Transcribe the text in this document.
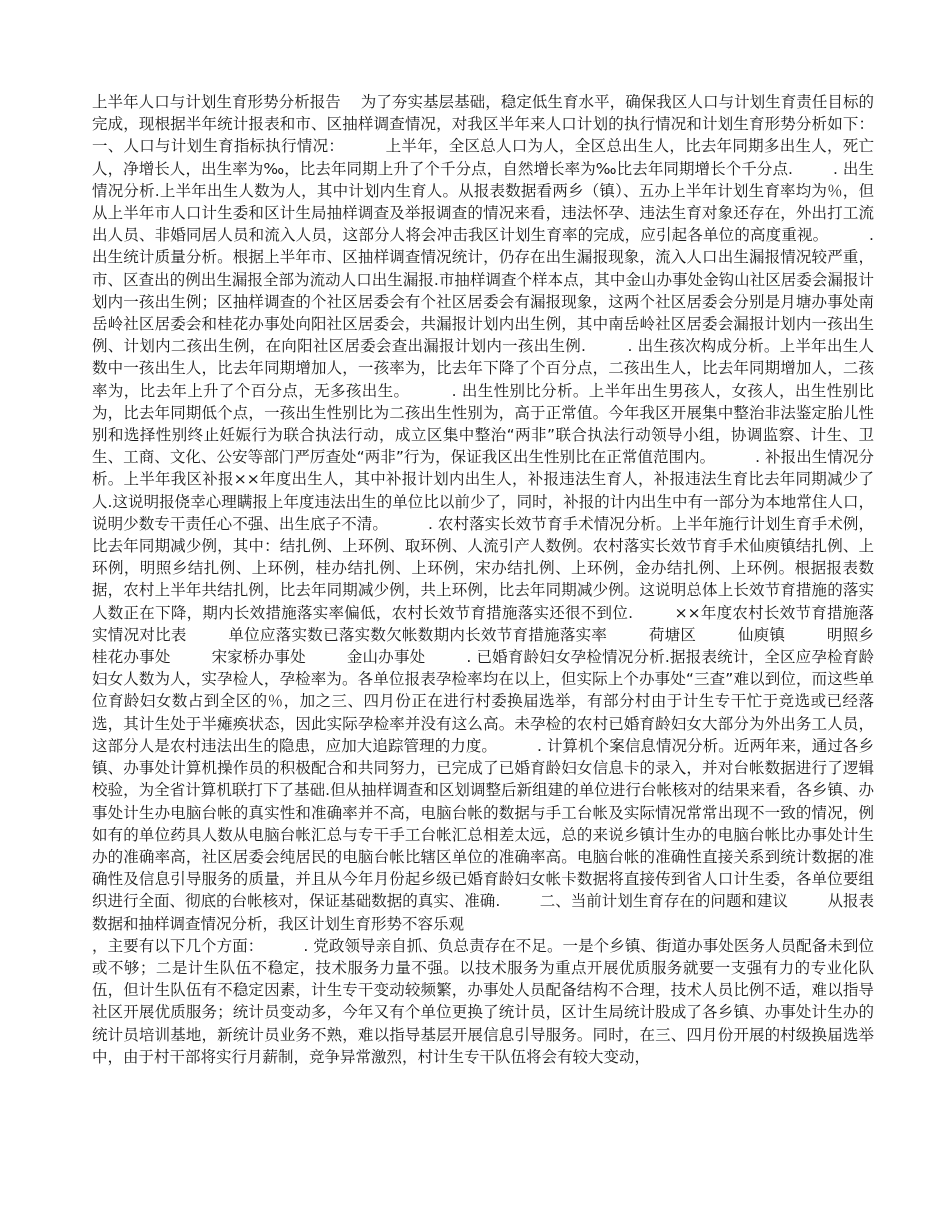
上半年人口与计划生育形势分析报告    为了夯实基层基础，稳定低生育水平，确保我区人口与计划生育责任目标的完成，现根据半年统计报表和市、区抽样调查情况，对我区半年来人口计划的执行情况和计划生育形势分析如下：        一、人口与计划生育指标执行情况：        上半年，全区总人口为人，全区总出生人，比去年同期多出生人，死亡人，净增长人，出生率为‰，比去年同期上升了个千分点，自然增长率为‰比去年同期增长个千分点.        . 出生情况分析.上半年出生人数为人，其中计划内生育人。从报表数据看两乡（镇）、五办上半年计划生育率均为％，但从上半年市人口计生委和区计生局抽样调查及举报调查的情况来看，违法怀孕、违法生育对象还存在，外出打工流出人员、非婚同居人员和流入人员，这部分人将会冲击我区计划生育率的完成，应引起各单位的高度重视。        . 出生统计质量分析。根据上半年市、区抽样调查情况统计，仍存在出生漏报现象，流入人口出生漏报情况较严重，市、区查出的例出生漏报全部为流动人口出生漏报.市抽样调查个样本点，其中金山办事处金钩山社区居委会漏报计划内一孩出生例；区抽样调查的个社区居委会有个社区居委会有漏报现象，这两个社区居委会分别是月塘办事处南岳岭社区居委会和桂花办事处向阳社区居委会，共漏报计划内出生例，其中南岳岭社区居委会漏报计划内一孩出生例、计划内二孩出生例，在向阳社区居委会查出漏报计划内一孩出生例.        . 出生孩次构成分析。上半年出生人数中一孩出生人，比去年同期增加人，一孩率为，比去年下降了个百分点，二孩出生人，比去年同期增加人，二孩率为，比去年上升了个百分点，无多孩出生。        . 出生性别比分析。上半年出生男孩人，女孩人，出生性别比为，比去年同期低个点，一孩出生性别比为二孩出生性别为，高于正常值。今年我区开展集中整治非法鉴定胎儿性别和选择性别终止妊娠行为联合执法行动，成立区集中整治“两非”联合执法行动领导小组，协调监察、计生、卫生、工商、文化、公安等部门严厉查处“两非”行为，保证我区出生性别比在正常值范围内。        . 补报出生情况分析。上半年我区补报××年度出生人，其中补报计划内出生人，补报违法生育人，补报违法生育比去年同期减少了人.这说明报侥幸心理瞒报上年度违法出生的单位比以前少了，同时，补报的计内出生中有一部分为本地常住人口，说明少数专干责任心不强、出生底子不清。        . 农村落实长效节育手术情况分析。上半年施行计划生育手术例，比去年同期减少例，其中：结扎例、上环例、取环例、人流引产人数例。农村落实长效节育手术仙庾镇结扎例、上环例，明照乡结扎例、上环例，桂办结扎例、上环例，宋办结扎例、上环例，金办结扎例、上环例。根据报表数据，农村上半年共结扎例，比去年同期减少例，共上环例，比去年同期减少例。这说明总体上长效节育措施的落实人数正在下降，期内长效措施落实率偏低，农村长效节育措施落实还很不到位.        ××年度农村长效节育措施落实情况对比表        单位应落实数已落实数欠帐数期内长效节育措施落实率        荷塘区        仙庾镇        明照乡        桂花办事处        宋家桥办事处        金山办事处        . 已婚育龄妇女孕检情况分析.据报表统计，全区应孕检育龄妇女人数为人，实孕检人，孕检率为。各单位报表孕检率均在以上，但实际上个办事处“三查”难以到位，而这些单位育龄妇女数占到全区的％，加之三、四月份正在进行村委换届选举，有部分村由于计生专干忙于竞选或已经落选，其计生处于半瘫痪状态，因此实际孕检率并没有这么高。未孕检的农村已婚育龄妇女大部分为外出务工人员，这部分人是农村违法出生的隐患，应加大追踪管理的力度。        . 计算机个案信息情况分析。近两年来，通过各乡镇、办事处计算机操作员的积极配合和共同努力，已完成了已婚育龄妇女信息卡的录入，并对台帐数据进行了逻辑校验，为全省计算机联打下了基础.但从抽样调查和区划调整后新组建的单位进行台帐核对的结果来看，各乡镇、办事处计生办电脑台帐的真实性和准确率并不高，电脑台帐的数据与手工台帐及实际情况常常出现不一致的情况，例如有的单位药具人数从电脑台帐汇总与专干手工台帐汇总相差太远，总的来说乡镇计生办的电脑台帐比办事处计生办的准确率高，社区居委会纯居民的电脑台帐比辖区单位的准确率高。电脑台帐的准确性直接关系到统计数据的准确性及信息引导服务的质量，并且从今年月份起乡级已婚育龄妇女帐卡数据将直接传到省人口计生委，各单位要组织进行全面、彻底的台帐核对，保证基础数据的真实、准确.        二、当前计划生育存在的问题和建议        从报表数据和抽样调查情况分析，我区计划生育形势不容乐观

，主要有以下几个方面：        . 党政领导亲自抓、负总责存在不足。一是个乡镇、街道办事处医务人员配备未到位或不够；二是计生队伍不稳定，技术服务力量不强。以技术服务为重点开展优质服务就要一支强有力的专业化队伍，但计生队伍有不稳定因素，计生专干变动较频繁，办事处人员配备结构不合理，技术人员比例不适，难以指导社区开展优质服务；统计员变动多，今年又有个单位更换了统计员，区计生局统计股成了各乡镇、办事处计生办的统计员培训基地，新统计员业务不熟，难以指导基层开展信息引导服务。同时，在三、四月份开展的村级换届选举中，由于村干部将实行月薪制，竞争异常激烈，村计生专干队伍将会有较大变动，
